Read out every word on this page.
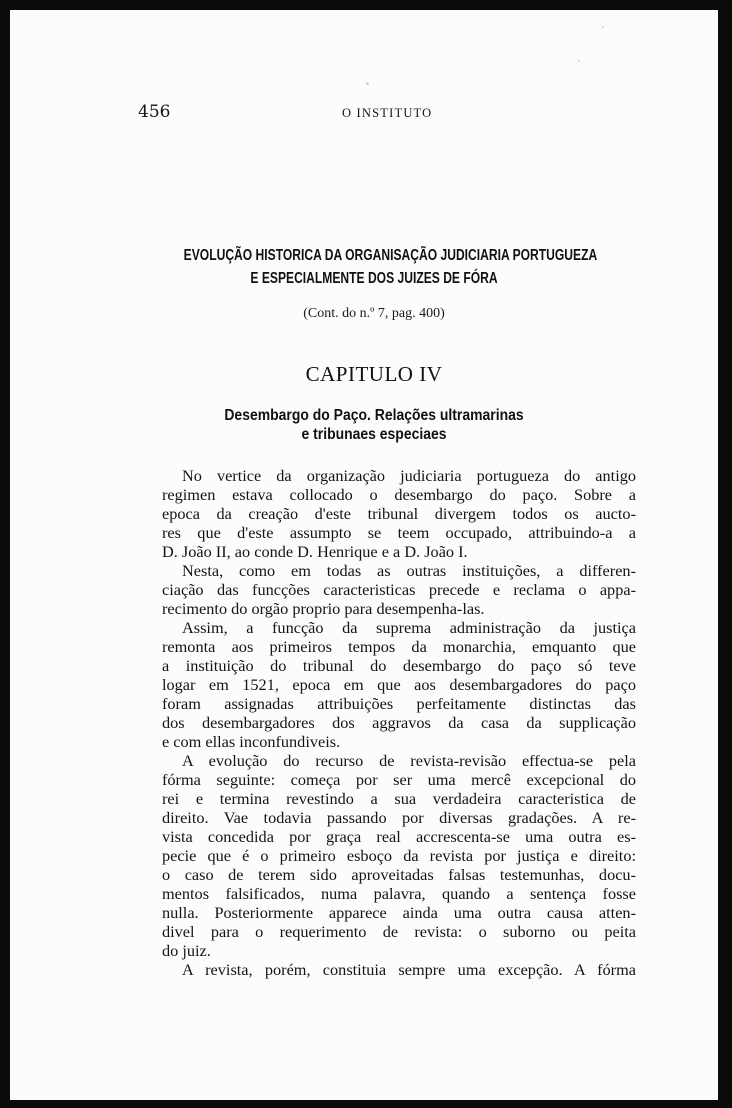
456	O INSTITUTO
EVOLUÇÃO HISTORICA DA ORGANISAÇÃO JUDICIARIA PORTUGUEZA
E ESPECIALMENTE DOS JUIZES DE FÓRA
(Cont. do n.º 7, pag. 400)
CAPITULO IV
Desembargo do Paço. Relações ultramarinas
e tribunaes especiaes
No vertice da organização judiciaria portugueza do antigo
regimen estava collocado o desembargo do paço. Sobre a
epoca da creação d'este tribunal divergem todos os aucto-
res que d'este assumpto se teem occupado, attribuindo-a a
D. João II, ao conde D. Henrique e a D. João I.
Nesta, como em todas as outras instituições, a differen-
ciação das funcções caracteristicas precede e reclama o appa-
recimento do orgão proprio para desempenha-las.
Assim, a funcção da suprema administração da justiça
remonta aos primeiros tempos da monarchia, emquanto que
a instituição do tribunal do desembargo do paço só teve
logar em 1521, epoca em que aos desembargadores do paço
foram assignadas attribuições perfeitamente distinctas das
dos desembargadores dos aggravos da casa da supplicação
e com ellas inconfundiveis.
A evolução do recurso de revista-revisão effectua-se pela
fórma seguinte: começa por ser uma mercê excepcional do
rei e termina revestindo a sua verdadeira caracteristica de
direito. Vae todavia passando por diversas gradações. A re-
vista concedida por graça real accrescenta-se uma outra es-
pecie que é o primeiro esboço da revista por justiça e direito:
o caso de terem sido aproveitadas falsas testemunhas, docu-
mentos falsificados, numa palavra, quando a sentença fosse
nulla. Posteriormente apparece ainda uma outra causa atten-
divel para o requerimento de revista: o suborno ou peita
do juiz.
A revista, porém, constituia sempre uma excepção. A fórma
